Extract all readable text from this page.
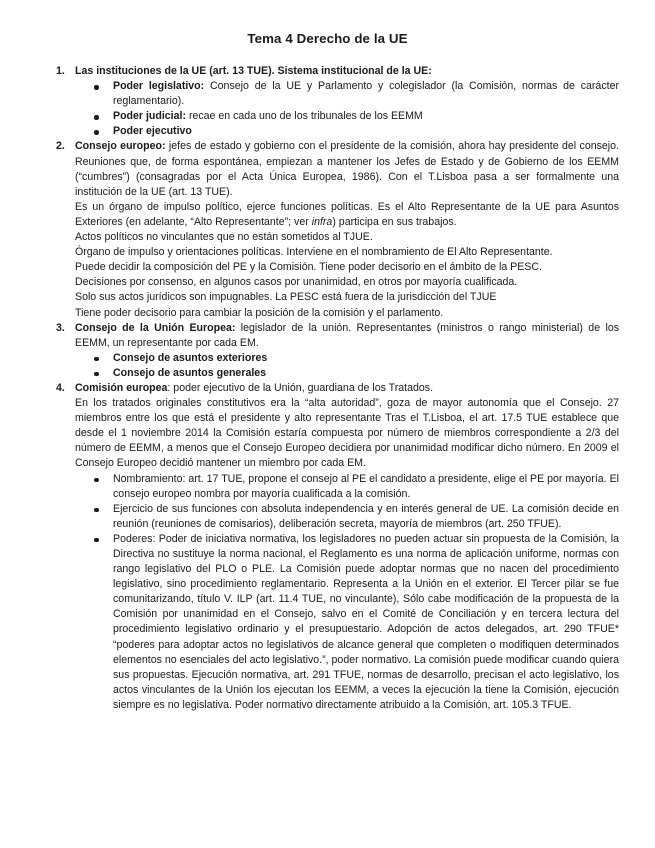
Tema 4 Derecho de la UE
1. Las instituciones de la UE (art. 13 TUE). Sistema institucional de la UE:

Poder legislativo: Consejo de la UE y Parlamento y colegislador (la Comisión, normas de carácter reglamentario).
Poder judicial: recae en cada uno de los tribunales de los EEMM
Poder ejecutivo
2. Consejo europeo: jefes de estado y gobierno con el presidente de la comisión, ahora hay presidente del consejo. Reuniones que, de forma espontánea, empiezan a mantener los Jefes de Estado y de Gobierno de los EEMM (“cumbres”) (consagradas por el Acta Única Europea, 1986). Con el T.Lisboa pasa a ser formalmente una institución de la UE (art. 13 TUE).

Es un órgano de impulso político, ejerce funciones políticas. Es el Alto Representante de la UE para Asuntos Exteriores (en adelante, “Alto Representante”; ver infra) participa en sus trabajos.

Actos políticos no vinculantes que no están sometidos al TJUE.

Órgano de impulso y orientaciones políticas. Interviene en el nombramiento de El Alto Representante.

Puede decidir la composición del PE y la Comisión. Tiene poder decisorio en el ámbito de la PESC.

Decisiones por consenso, en algunos casos por unanimidad, en otros por mayoría cualificada.

Solo sus actos jurídicos son impugnables. La PESC está fuera de la jurisdicción del TJUE

Tiene poder decisorio para cambiar la posición de la comisión y el parlamento.

3. Consejo de la Unión Europea: legislador de la unión. Representantes (ministros o rango ministerial) de los EEMM, un representante por cada EM.

Consejo de asuntos exteriores
Consejo de asuntos generales
4. Comisión europea: poder ejecutivo de la Unión, guardiana de los Tratados.

En los tratados originales constitutivos era la “alta autoridad”, goza de mayor autonomía que el Consejo. 27 miembros entre los que está el presidente y alto representante Tras el T.Lisboa, el art. 17.5 TUE establece que desde el 1 noviembre 2014 la Comisión estaría compuesta por número de miembros correspondiente a 2/3 del número de EEMM, a menos que el Consejo Europeo decidiera por unanimidad modificar dicho número. En 2009 el Consejo Europeo decidió mantener un miembro por cada EM.

Nombramiento: art. 17 TUE, propone el consejo al PE el candidato a presidente, elige el PE por mayoría. El consejo europeo nombra por mayoría cualificada a la comisión.
Ejercicio de sus funciones con absoluta independencia y en interés general de UE. La comisión decide en reunión (reuniones de comisarios), deliberación secreta, mayoría de miembros (art. 250 TFUE).
Poderes: Poder de iniciativa normativa, los legisladores no pueden actuar sin propuesta de la Comisión, la Directiva no sustituye la norma nacional, el Reglamento es una norma de aplicación uniforme, normas con rango legislativo del PLO o PLE. La Comisión puede adoptar normas que no nacen del procedimiento legislativo, sino procedimiento reglamentario. Representa a la Unión en el exterior. El Tercer pilar se fue comunitarizando, título V. ILP (art. 11.4 TUE, no vinculante), Sólo cabe modificación de la propuesta de la Comisión por unanimidad en el Consejo, salvo en el Comité de Conciliación y en tercera lectura del procedimiento legislativo ordinario y el presupuestario. Adopción de actos delegados, art. 290 TFUE* “poderes para adoptar actos no legislativos de alcance general que completen o modifiquen determinados elementos no esenciales del acto legislativo.”, poder normativo. La comisión puede modificar cuando quiera sus propuestas. Ejecución normativa, art. 291 TFUE, normas de desarrollo, precisan el acto legislativo, los actos vinculantes de la Unión los ejecutan los EEMM, a veces la ejecución la tiene la Comisión, ejecución siempre es no legislativa. Poder normativo directamente atribuido a la Comisión, art. 105.3 TFUE.
